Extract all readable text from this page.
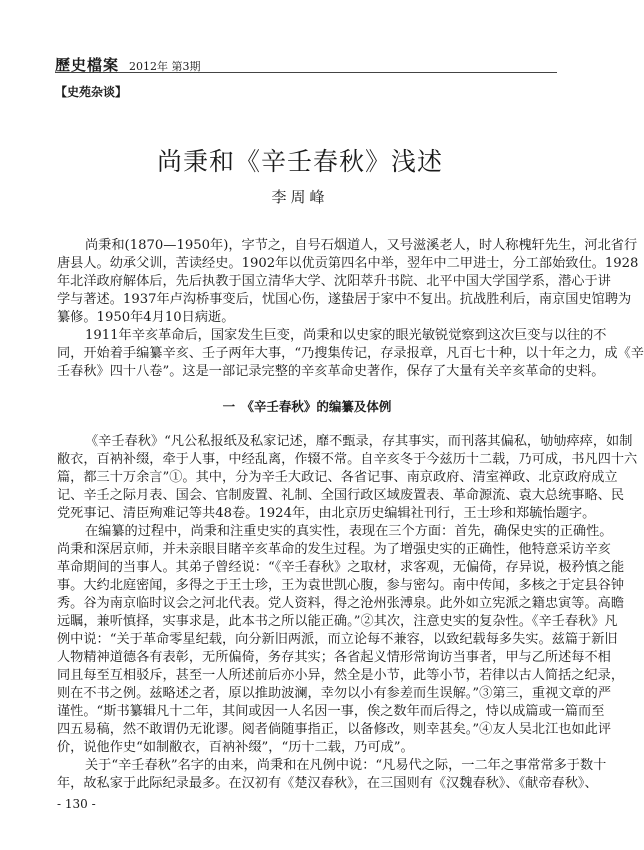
歷史檔案 2012年 第3期
【史苑杂谈】
尚秉和《辛壬春秋》浅述
李周峰
尚秉和(1870—1950年)，字节之，自号石烟道人，又号滋溪老人，时人称槐轩先生，河北省行
唐县人。幼承父训，苦读经史。1902年以优贡第四名中举，翌年中二甲进士，分工部始致仕。1928
年北洋政府解体后，先后执教于国立清华大学、沈阳萃升书院、北平中国大学国学系，潜心于讲
学与著述。1937年卢沟桥事变后，忧国心伤，遂蛰居于家中不复出。抗战胜利后，南京国史馆聘为
纂修。1950年4月10日病逝。
1911年辛亥革命后，国家发生巨变，尚秉和以史家的眼光敏锐觉察到这次巨变与以往的不
同，开始着手编纂辛亥、壬子两年大事，“乃搜集传记，存录报章，凡百七十种，以十年之力，成《辛
壬春秋》四十八卷”。这是一部记录完整的辛亥革命史著作，保存了大量有关辛亥革命的史料。
一　《辛壬春秋》的编纂及体例
《辛壬春秋》“凡公私报纸及私家记述，靡不甄录，存其事实，而刊落其偏私，劬劬瘁瘁，如制
敝衣，百衲补缀，牵于人事，中经乱离，作辍不常。自辛亥冬于今兹历十二载，乃可成，书凡四十六
篇，都三十万余言”①。其中，分为辛壬大政记、各省记事、南京政府、清室禅政、北京政府成立
记、辛壬之际月表、国会、官制废置、礼制、全国行政区域废置表、革命源流、袁大总统事略、民
党死事记、清臣殉难记等共48卷。1924年，由北京历史编辑社刊行，王士珍和郑毓怡题字。
在编纂的过程中，尚秉和注重史实的真实性，表现在三个方面：首先，确保史实的正确性。
尚秉和深居京师，并未亲眼目睹辛亥革命的发生过程。为了增强史实的正确性，他特意采访辛亥
革命期间的当事人。其弟子曾经说：“《辛壬春秋》之取材，求客观，无偏倚，存异说，极矜慎之能
事。大约北庭密闻，多得之于王士珍，王为袁世凯心腹，参与密勾。南中传闻，多核之于定县谷钟
秀。谷为南京临时议会之河北代表。党人资料，得之沧州张溥泉。此外如立宪派之籍忠寅等。高瞻
远瞩，兼听慎择，实事求是，此本书之所以能正确。”②其次，注意史实的复杂性。《辛壬春秋》凡
例中说：“关于革命零星纪载，向分新旧两派，而立论每不兼容，以致纪载每多失实。兹篇于新旧
人物精神道德各有表彰，无所偏倚，务存其实；各省起义情形常询访当事者，甲与乙所述每不相
同且每至互相驳斥，甚至一人所述前后亦小异，然全是小节，此等小节，若律以古人简括之纪录，
则在不书之例。兹略述之者，原以推助波澜，幸勿以小有参差而生误解。”③第三，重视文章的严
谨性。“斯书纂辑凡十二年，其间或因一人名因一事，俟之数年而后得之，恃以成篇或一篇而至
四五易稿，然不敢谓仍无讹谬。阅者倘随事指正，以备修改，则幸甚矣。”④友人吴北江也如此评
价，说他作史“如制敝衣，百衲补缀”，“历十二载，乃可成”。
关于“辛壬春秋”名字的由来，尚秉和在凡例中说：“凡易代之际，一二年之事常常多于数十
年，故私家于此际纪录最多。在汉初有《楚汉春秋》，在三国则有《汉魏春秋》、《献帝春秋》、
- 130 -
